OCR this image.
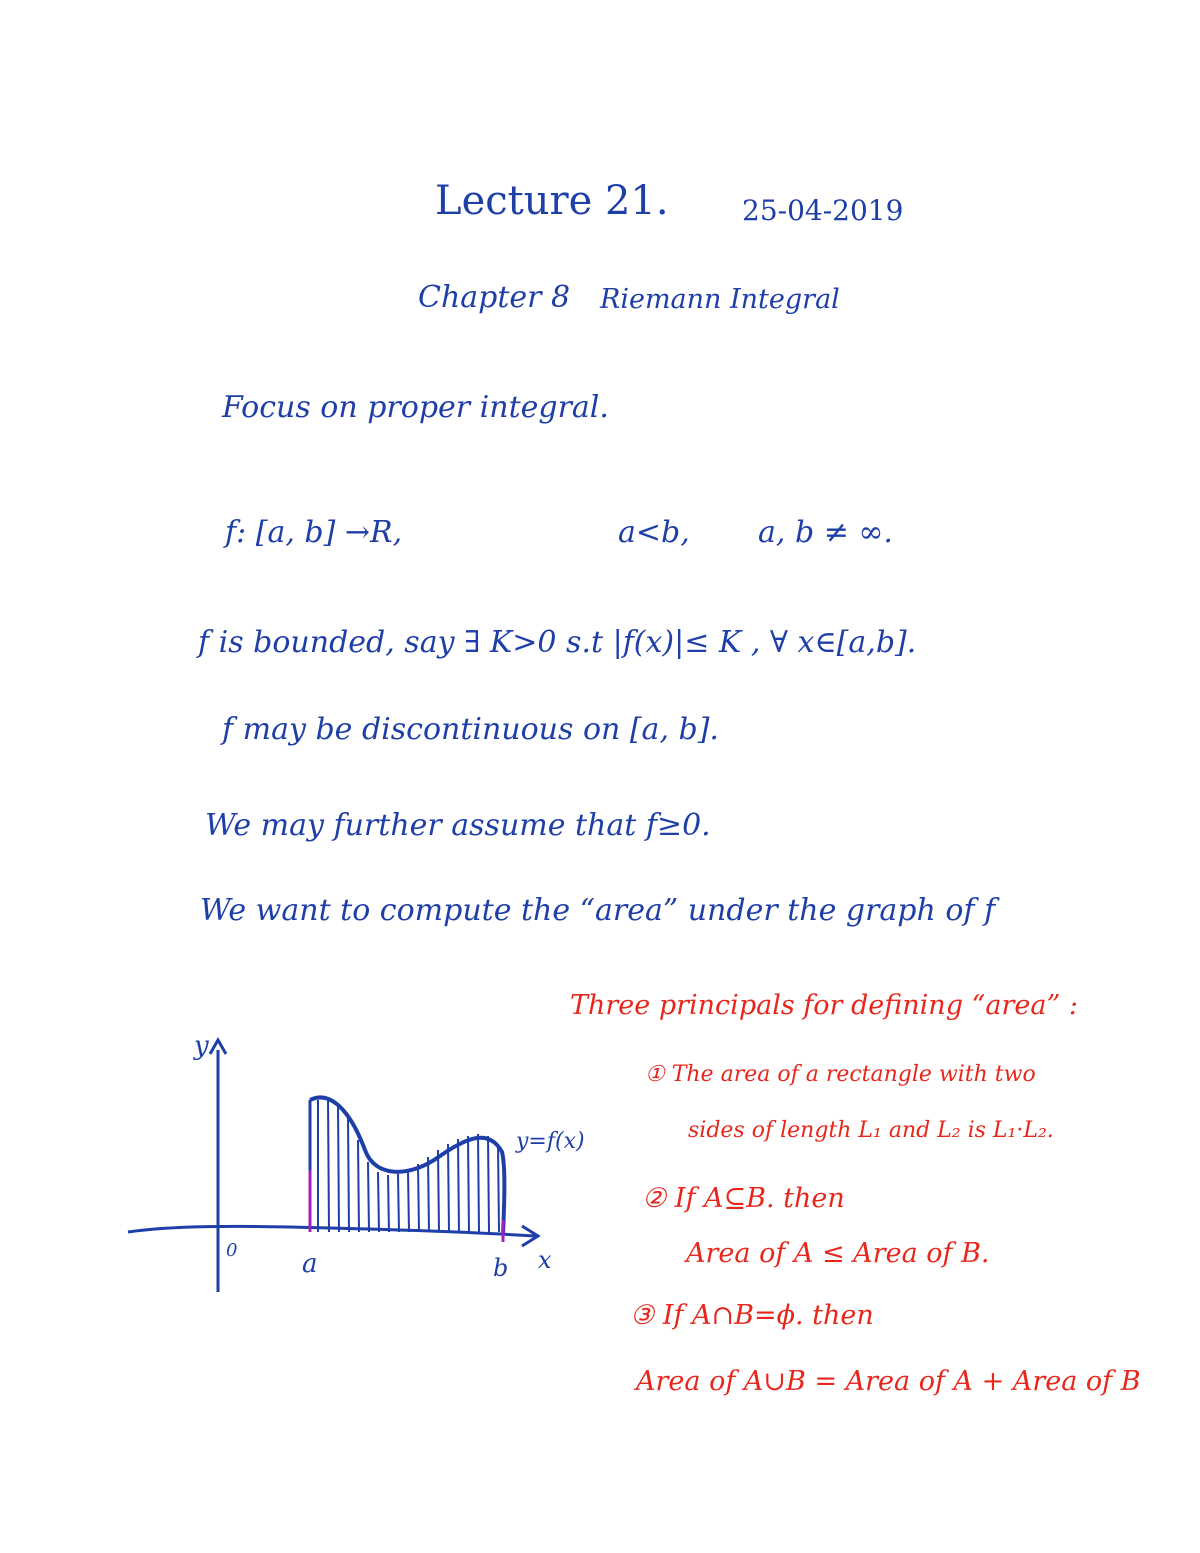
Lecture 21.	25-04-2019
Chapter 8 Riemann Integral
Focus on proper integral.
f: [a, b] →R,	a<b, a, b ≠ ∞.
f is bounded, say ∃ K>0 s.t |f(x)|≤ K , ∀ x∈[a,b].
f may be discontinuous on [a, b].
We may further assume that f≥0.
We want to compute the “area” under the graph of f
y
x
0 a	b
y=f(x)
Three principals for defining “area” :
① The area of a rectangle with two
sides of length L₁ and L₂ is L₁·L₂.
② If A⊆B. then
Area of A ≤ Area of B.
③ If A∩B=ϕ. then
Area of A∪B = Area of A + Area of B
